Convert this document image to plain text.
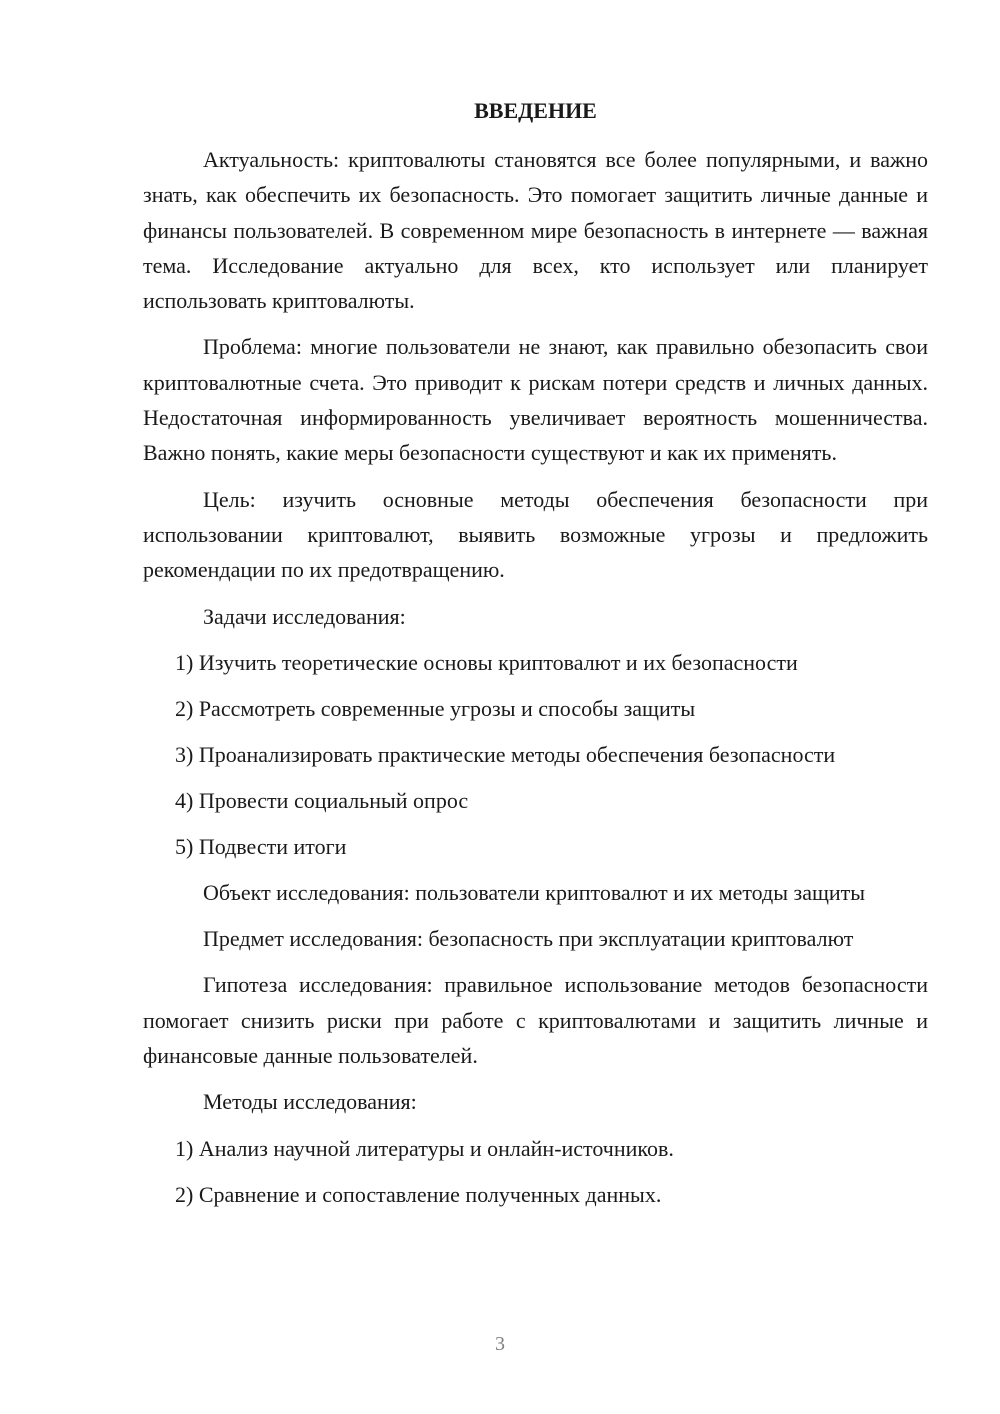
ВВЕДЕНИЕ

Актуальность: криптовалюты становятся все более популярными, и важно знать, как обеспечить их безопасность. Это помогает защитить личные данные и финансы пользователей. В современном мире безопасность в интернете — важная тема. Исследование актуально для всех, кто использует или планирует использовать криптовалюты.

Проблема: многие пользователи не знают, как правильно обезопасить свои криптовалютные счета. Это приводит к рискам потери средств и личных данных. Недостаточная информированность увеличивает вероятность мошенничества. Важно понять, какие меры безопасности существуют и как их применять.

Цель: изучить основные методы обеспечения безопасности при использовании криптовалют, выявить возможные угрозы и предложить рекомендации по их предотвращению.

Задачи исследования:

1) Изучить теоретические основы криптовалют и их безопасности
2) Рассмотреть современные угрозы и способы защиты
3) Проанализировать практические методы обеспечения безопасности
4) Провести социальный опрос
5) Подвести итоги

Объект исследования: пользователи криптовалют и их методы защиты

Предмет исследования: безопасность при эксплуатации криптовалют

Гипотеза исследования: правильное использование методов безопасности помогает снизить риски при работе с криптовалютами и защитить личные и финансовые данные пользователей.

Методы исследования:

1) Анализ научной литературы и онлайн-источников.
2) Сравнение и сопоставление полученных данных.
3
